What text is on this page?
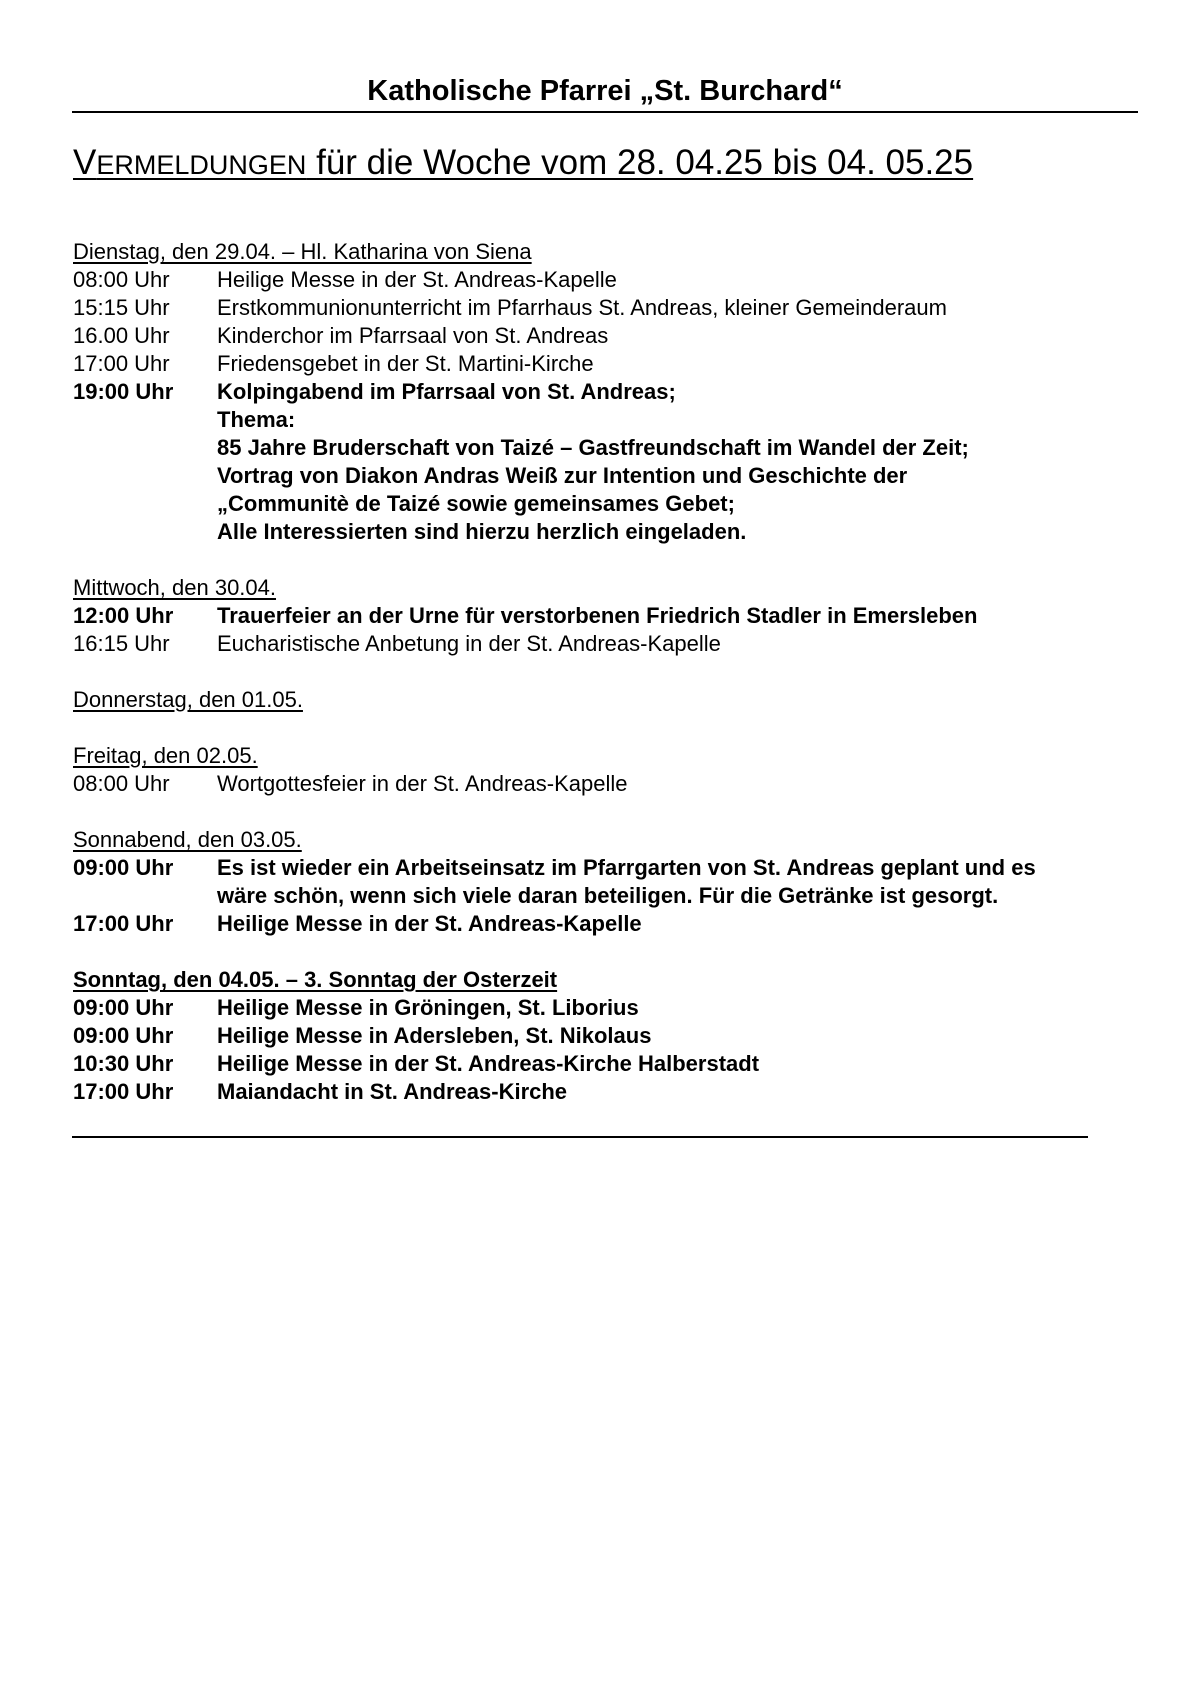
Katholische Pfarrei „St. Burchard“
VERMELDUNGEN für die Woche vom 28. 04.25 bis 04. 05.25
Dienstag, den 29.04. – Hl. Katharina von Siena
08:00 Uhr	Heilige Messe in der St. Andreas-Kapelle
15:15 Uhr	Erstkommunionunterricht im Pfarrhaus St. Andreas, kleiner Gemeinderaum
16.00 Uhr	Kinderchor im Pfarrsaal von St. Andreas
17:00 Uhr	Friedensgebet in der St. Martini-Kirche
19:00 Uhr	Kolpingabend im Pfarrsaal von St. Andreas;
Thema:
85 Jahre Bruderschaft von Taizé – Gastfreundschaft im Wandel der Zeit;
Vortrag von Diakon Andras Weiß zur Intention und Geschichte der
„Communitè de Taizé sowie gemeinsames Gebet;
Alle Interessierten sind hierzu herzlich eingeladen.
Mittwoch, den 30.04.
12:00 Uhr	Trauerfeier an der Urne für verstorbenen Friedrich Stadler in Emersleben
16:15 Uhr	Eucharistische Anbetung in der St. Andreas-Kapelle
Donnerstag, den 01.05.
Freitag, den 02.05.
08:00 Uhr	Wortgottesfeier in der St. Andreas-Kapelle
Sonnabend, den 03.05.
09:00 Uhr	Es ist wieder ein Arbeitseinsatz im Pfarrgarten von St. Andreas geplant und es
wäre schön, wenn sich viele daran beteiligen. Für die Getränke ist gesorgt.
17:00 Uhr	Heilige Messe in der St. Andreas-Kapelle
Sonntag, den 04.05. – 3. Sonntag der Osterzeit
09:00 Uhr	Heilige Messe in Gröningen, St. Liborius
09:00 Uhr	Heilige Messe in Adersleben, St. Nikolaus
10:30 Uhr	Heilige Messe in der St. Andreas-Kirche Halberstadt
17:00 Uhr	Maiandacht in St. Andreas-Kirche
